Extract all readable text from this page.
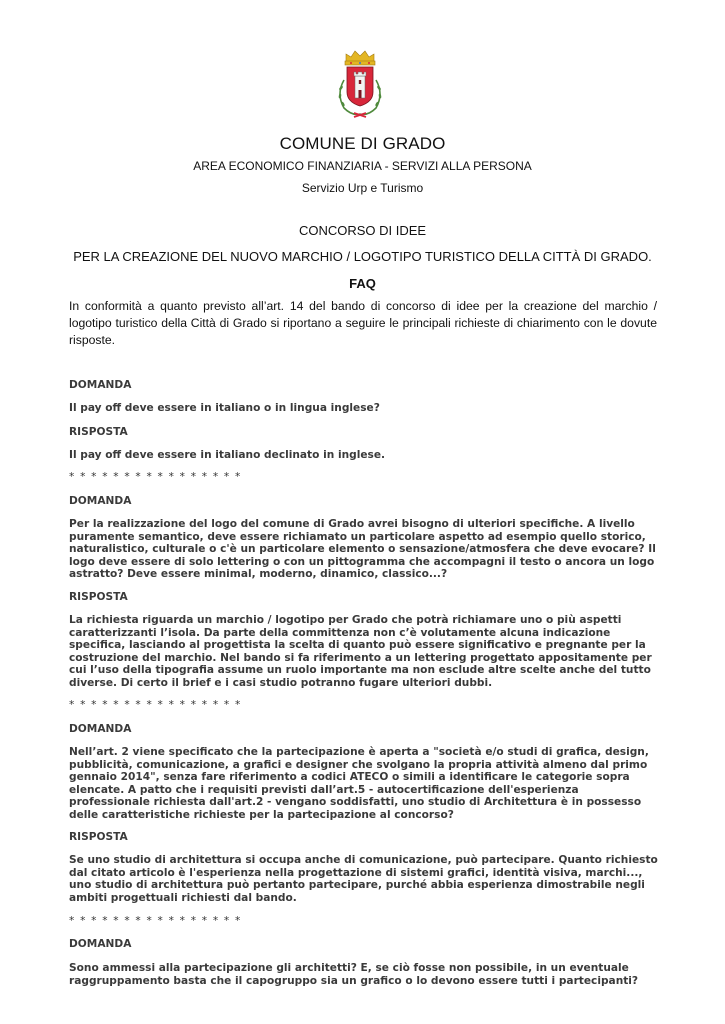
COMUNE DI GRADO
AREA ECONOMICO FINANZIARIA - SERVIZI ALLA PERSONA
Servizio Urp e Turismo
CONCORSO DI IDEE
PER LA CREAZIONE DEL NUOVO MARCHIO / LOGOTIPO TURISTICO DELLA CITTÀ DI GRADO.
FAQ
In conformità a quanto previsto all’art. 14 del bando di concorso di idee per la creazione del marchio / logotipo turistico della Città di Grado si riportano a seguire le principali richieste di chiarimento con le dovute risposte.
DOMANDA
Il pay off deve essere in italiano o in lingua inglese?
RISPOSTA
Il pay off deve essere in italiano declinato in inglese.
* * * * * * * * * * * * * * * *
DOMANDA
Per la realizzazione del logo del comune di Grado avrei bisogno di ulteriori specifiche. A livello puramente semantico, deve essere richiamato un particolare aspetto ad esempio quello storico, naturalistico, culturale o c'è un particolare elemento o sensazione/atmosfera che deve evocare? Il logo deve essere di solo lettering o con un pittogramma che accompagni il testo o ancora un logo astratto? Deve essere minimal, moderno, dinamico, classico...?
RISPOSTA
La richiesta riguarda un marchio / logotipo per Grado che potrà richiamare uno o più aspetti caratterizzanti l’isola. Da parte della committenza non c’è volutamente alcuna indicazione specifica, lasciando al progettista la scelta di quanto può essere significativo e pregnante per la costruzione del marchio. Nel bando si fa riferimento a un lettering progettato appositamente per cui l’uso della tipografia assume un ruolo importante ma non esclude altre scelte anche del tutto diverse. Di certo il brief e i casi studio potranno fugare ulteriori dubbi.
* * * * * * * * * * * * * * * *
DOMANDA
Nell’art. 2 viene specificato che la partecipazione è aperta a "società e/o studi di grafica, design, pubblicità, comunicazione, a grafici e designer che svolgano la propria attività almeno dal primo gennaio 2014", senza fare riferimento a codici ATECO o simili a identificare le categorie sopra elencate. A patto che i requisiti previsti dall’art.5 - autocertificazione dell'esperienza professionale richiesta dall'art.2 - vengano soddisfatti, uno studio di Architettura è in possesso delle caratteristiche richieste per la partecipazione al concorso?
RISPOSTA
Se uno studio di architettura si occupa anche di comunicazione, può partecipare. Quanto richiesto dal citato articolo è l'esperienza nella progettazione di sistemi grafici, identità visiva, marchi..., uno studio di architettura può pertanto partecipare, purché abbia esperienza dimostrabile negli ambiti progettuali richiesti dal bando.
* * * * * * * * * * * * * * * *
DOMANDA
Sono ammessi alla partecipazione gli architetti? E, se ciò fosse non possibile, in un eventuale raggruppamento basta che il capogruppo sia un grafico o lo devono essere tutti i partecipanti?
